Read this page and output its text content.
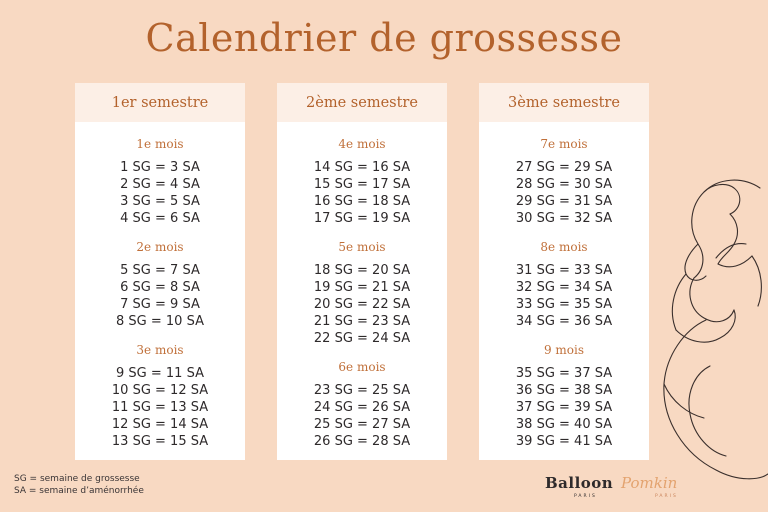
Calendrier de grossesse
1er semestre
1e mois
1 SG = 3 SA
2 SG = 4 SA
3 SG = 5 SA
4 SG = 6 SA
2e mois
5 SG = 7 SA
6 SG = 8 SA
7 SG = 9 SA
8 SG = 10 SA
3e mois
9 SG = 11 SA
10 SG = 12 SA
11 SG = 13 SA
12 SG = 14 SA
13 SG = 15 SA
2ème semestre
4e mois
14 SG = 16 SA
15 SG = 17 SA
16 SG = 18 SA
17 SG = 19 SA
5e mois
18 SG = 20 SA
19 SG = 21 SA
20 SG = 22 SA
21 SG = 23 SA
22 SG = 24 SA
6e mois
23 SG = 25 SA
24 SG = 26 SA
25 SG = 27 SA
26 SG = 28 SA
3ème semestre
7e mois
27 SG = 29 SA
28 SG = 30 SA
29 SG = 31 SA
30 SG = 32 SA
8e mois
31 SG = 33 SA
32 SG = 34 SA
33 SG = 35 SA
34 SG = 36 SA
9 mois
35 SG = 37 SA
36 SG = 38 SA
37 SG = 39 SA
38 SG = 40 SA
39 SG = 41 SA
SG = semaine de grossesse
SA = semaine d’aménorrhée	Balloon
PARIS
Pomkin
PARIS
